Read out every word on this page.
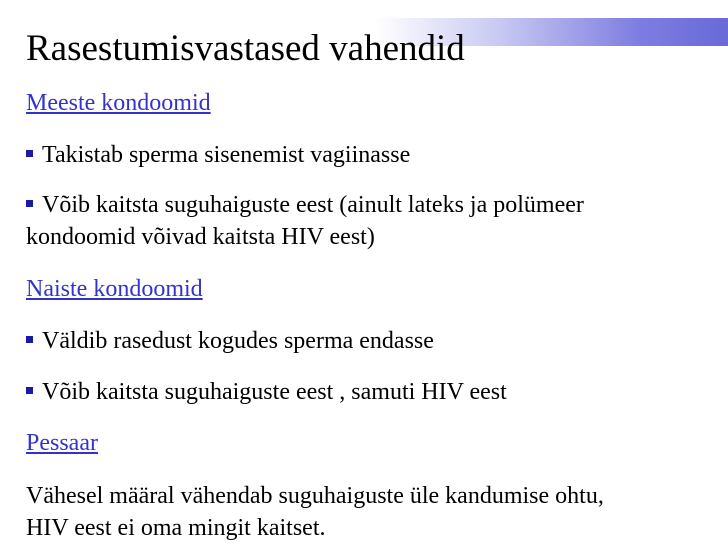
Rasestumisvastased vahendid
Meeste kondoomid
Takistab sperma sisenemist vagiinasse
Võib kaitsta suguhaiguste eest (ainult lateks ja polümeer
kondoomid võivad kaitsta HIV eest)
Naiste kondoomid
Väldib rasedust kogudes sperma endasse
Võib kaitsta suguhaiguste eest , samuti HIV eest
Pessaar
Vähesel määral vähendab suguhaiguste üle kandumise ohtu,
HIV eest ei oma mingit kaitset.
